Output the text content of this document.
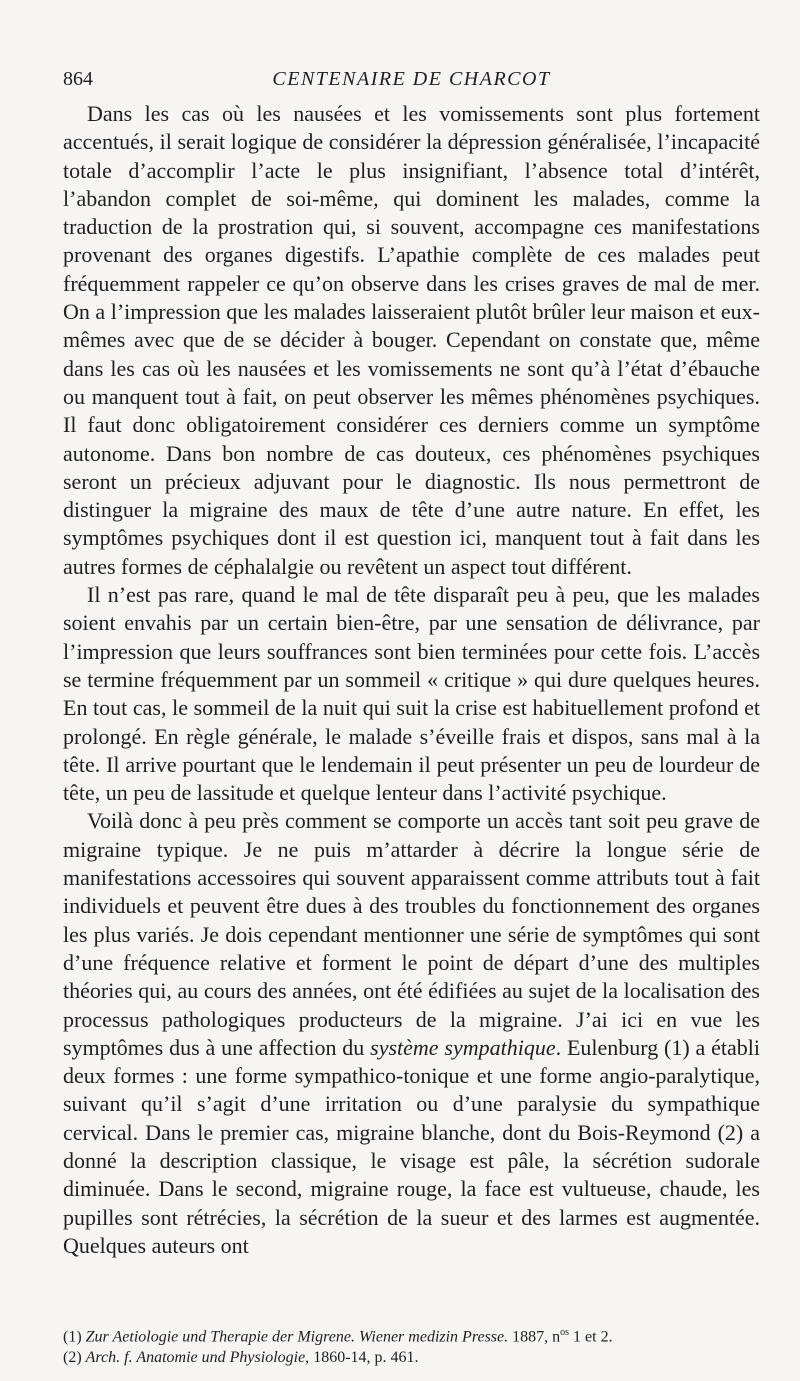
864	CENTENAIRE DE CHARCOT

Dans les cas où les nausées et les vomissements sont plus fortement accentués, il serait logique de considérer la dépression généralisée, l’incapacité totale d’accomplir l’acte le plus insignifiant, l’absence total d’intérêt, l’abandon complet de soi-même, qui dominent les malades, comme la traduction de la prostration qui, si souvent, accompagne ces manifestations provenant des organes digestifs. L’apathie complète de ces malades peut fréquemment rappeler ce qu’on observe dans les crises graves de mal de mer. On a l’impression que les malades laisseraient plutôt brûler leur maison et eux-mêmes avec que de se décider à bouger. Cependant on constate que, même dans les cas où les nausées et les vomissements ne sont qu’à l’état d’ébauche ou manquent tout à fait, on peut observer les mêmes phénomènes psychiques. Il faut donc obligatoirement considérer ces derniers comme un symptôme autonome. Dans bon nombre de cas douteux, ces phénomènes psychiques seront un précieux adjuvant pour le diagnostic. Ils nous permettront de distinguer la migraine des maux de tête d’une autre nature. En effet, les symptômes psychiques dont il est question ici, manquent tout à fait dans les autres formes de céphalalgie ou revêtent un aspect tout différent.

Il n’est pas rare, quand le mal de tête disparaît peu à peu, que les malades soient envahis par un certain bien-être, par une sensation de délivrance, par l’impression que leurs souffrances sont bien terminées pour cette fois. L’accès se termine fréquemment par un sommeil « critique » qui dure quelques heures. En tout cas, le sommeil de la nuit qui suit la crise est habituellement profond et prolongé. En règle générale, le malade s’éveille frais et dispos, sans mal à la tête. Il arrive pourtant que le lendemain il peut présenter un peu de lourdeur de tête, un peu de lassitude et quelque lenteur dans l’activité psychique.

Voilà donc à peu près comment se comporte un accès tant soit peu grave de migraine typique. Je ne puis m’attarder à décrire la longue série de manifestations accessoires qui souvent apparaissent comme attributs tout à fait individuels et peuvent être dues à des troubles du fonctionnement des organes les plus variés. Je dois cependant mentionner une série de symptômes qui sont d’une fréquence relative et forment le point de départ d’une des multiples théories qui, au cours des années, ont été édifiées au sujet de la localisation des processus pathologiques producteurs de la migraine. J’ai ici en vue les symptômes dus à une affection du système sympathique. Eulenburg (1) a établi deux formes : une forme sympathico-tonique et une forme angio-paralytique, suivant qu’il s’agit d’une irritation ou d’une paralysie du sympathique cervical. Dans le premier cas, migraine blanche, dont du Bois-Reymond (2) a donné la description classique, le visage est pâle, la sécrétion sudorale diminuée. Dans le second, migraine rouge, la face est vultueuse, chaude, les pupilles sont rétrécies, la sécrétion de la sueur et des larmes est augmentée. Quelques auteurs ont

(1) Zur Aetiologie und Therapie der Migrene. Wiener medizin Presse. 1887, $n^{os}$ 1 et 2.

(2) Arch. f. Anatomie und Physiologie, 1860-14, p. 461.
